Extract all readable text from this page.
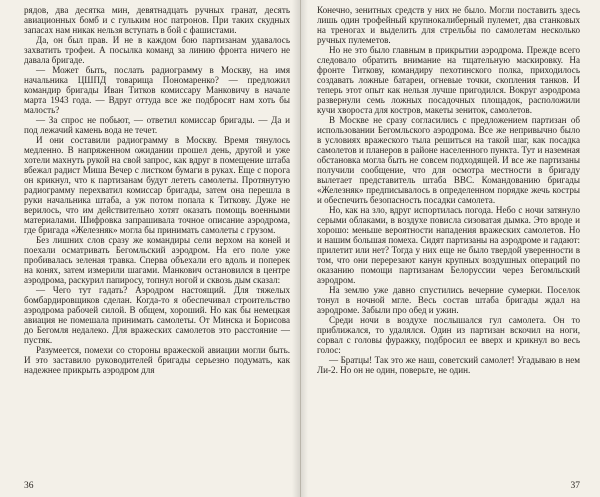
рядов, два десятка мин, девятнадцать ручных гранат, десять авиационных бомб и с гульким нос патронов. При таких скудных запасах нам никак нельзя вступать в бой с фашистами.

Да, он был прав. И не в каждом бою партизанам удавалось захватить трофеи. А посылка команд за линию фронта ничего не давала бригаде.

— Может быть, послать радиограмму в Москву, на имя начальника ЦШПД товарища Пономаренко? — предложил командир бригады Иван Титков комиссару Манковичу в начале марта 1943 года. — Вдруг оттуда все же подбросят нам хоть бы малость?

— За спрос не побьют, — ответил комиссар бригады. — Да и под лежачий камень вода не течет.

И они составили радиограмму в Москву. Время тянулось медленно. В напряженном ожидании прошел день, другой и уже хотели махнуть рукой на свой запрос, как вдруг в помещение штаба вбежал радист Миша Вечер с листком бумаги в руках. Еще с порога он крикнул, что к партизанам будут лететь самолеты. Протянутую радиограмму перехватил комиссар бригады, затем она перешла в руки начальника штаба, а уж потом попала к Титкову. Дуже не верилось, что им действительно хотят оказать помощь военными материалами. Шифровка запрашивала точное описание аэродрома, где бригада «Железняк» могла бы принимать самолеты с грузом.

Без лишних слов сразу же командиры сели верхом на коней и поехали осматривать Бегомльский аэродром. На его поле уже пробивалась зеленая травка. Сперва объехали его вдоль и поперек на конях, затем измерили шагами. Манкович остановился в центре аэродрома, раскурил папиросу, топнул ногой и сквозь дым сказал:

— Чего тут гадать? Аэродром настоящий. Для тяжелых бомбардировщиков сделан. Когда-то я обеспечивал строительство аэродрома рабочей силой. В общем, хороший. Но как бы немецкая авиация не помешала принимать самолеты. От Минска и Борисова до Бегомля недалеко. Для вражеских самолетов это расстояние — пустяк.

Разумеется, помехи со стороны вражеской авиации могли быть. И это заставило руководителей бригады серьезно подумать, как надежнее прикрыть аэродром для

36

Конечно, зенитных средств у них не было. Могли поставить здесь лишь один трофейный крупнокалиберный пулемет, два станковых на треногах и выделить для стрельбы по самолетам несколько ручных пулеметов.

Но не это было главным в прикрытии аэродрома. Прежде всего следовало обратить внимание на тщательную маскировку. На фронте Титкову, командиру пехотинского полка, приходилось создавать ложные батареи, огневые точки, скопления танков. И теперь этот опыт как нельзя лучше пригодился. Вокруг аэродрома развернули семь ложных посадочных площадок, расположили кучи хвороста для костров, макеты зениток, самолетов.

В Москве не сразу согласились с предложением партизан об использовании Бегомльского аэродрома. Все же непривычно было в условиях вражеского тыла решиться на такой шаг, как посадка самолетов и планеров в районе населенного пункта. Тут и наземная обстановка могла быть не совсем подходящей. И все же партизаны получили сообщение, что для осмотра местности в бригаду вылетает представитель штаба ВВС. Командованию бригады «Железняк» предписывалось в определенном порядке жечь костры и обеспечить безопасность посадки самолета.

Но, как на зло, вдруг испортилась погода. Небо с ночи затянуло серыми облаками, в воздухе повисла сизоватая дымка. Это вроде и хорошо: меньше вероятности нападения вражеских самолетов. Но и нашим большая помеха. Сидят партизаны на аэродроме и гадают: прилетит или нет? Тогда у них еще не было твердой уверенности в том, что они перерезают канун крупных воздушных операций по оказанию помощи партизанам Белоруссии через Бегомльский аэродром.

На землю уже давно спустились вечерние сумерки. Поселок тонул в ночной мгле. Весь состав штаба бригады ждал на аэродроме. Забыли про обед и ужин.

Среди ночи в воздухе послышался гул самолета. Он то приближался, то удалялся. Один из партизан вскочил на ноги, сорвал с головы фуражку, подбросил ее вверх и крикнул во весь голос:

— Братцы! Так это же наш, советский самолет! Угадываю в нем Ли-2. Но он не один, поверьте, не один.

37
